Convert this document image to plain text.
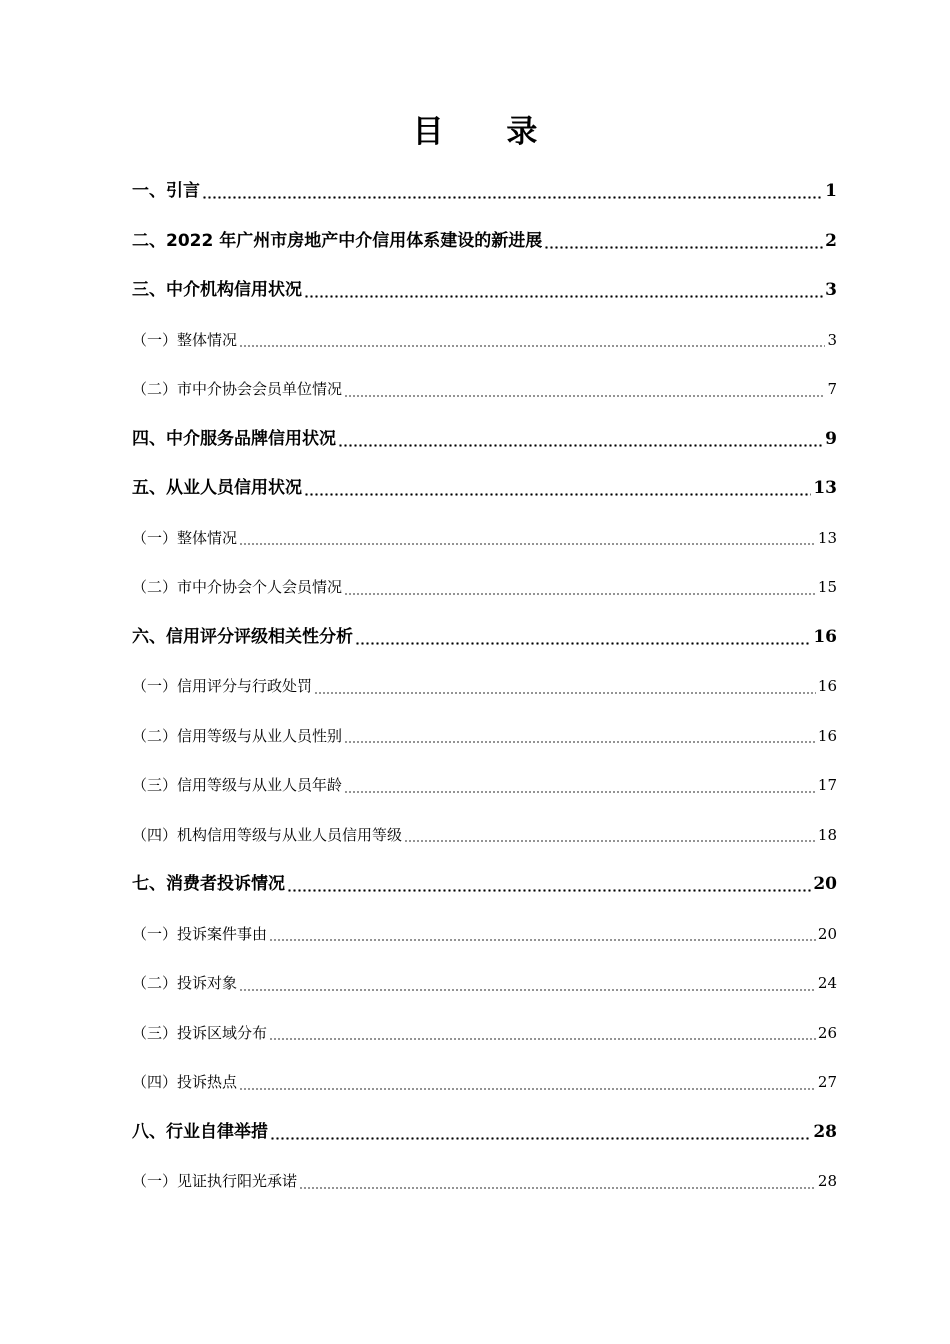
目 录
一、引言	1
二、2022 年广州市房地产中介信用体系建设的新进展	2
三、中介机构信用状况	3
（一）整体情况	3
（二）市中介协会会员单位情况	7
四、中介服务品牌信用状况	9
五、从业人员信用状况	13
（一）整体情况	13
（二）市中介协会个人会员情况	15
六、信用评分评级相关性分析	16
（一）信用评分与行政处罚	16
（二）信用等级与从业人员性别	16
（三）信用等级与从业人员年龄	17
（四）机构信用等级与从业人员信用等级	18
七、消费者投诉情况	20
（一）投诉案件事由	20
（二）投诉对象	24
（三）投诉区域分布	26
（四）投诉热点	27
八、行业自律举措	28
（一）见证执行阳光承诺	28
